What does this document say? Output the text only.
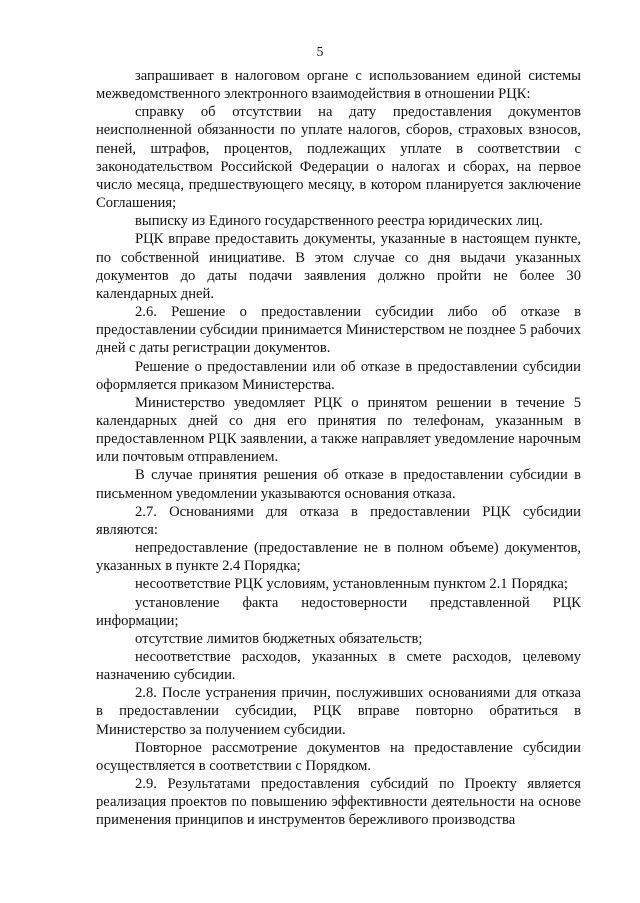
5

запрашивает в налоговом органе с использованием единой системы межведомственного электронного взаимодействия в отношении РЦК:

справку об отсутствии на дату предоставления документов неисполненной обязанности по уплате налогов, сборов, страховых взносов, пеней, штрафов, процентов, подлежащих уплате в соответствии с законодательством Российской Федерации о налогах и сборах, на первое число месяца, предшествующего месяцу, в котором планируется заключение Соглашения;

выписку из Единого государственного реестра юридических лиц.

РЦК вправе предоставить документы, указанные в настоящем пункте, по собственной инициативе. В этом случае со дня выдачи указанных документов до даты подачи заявления должно пройти не более 30 календарных дней.

2.6. Решение о предоставлении субсидии либо об отказе в предоставлении субсидии принимается Министерством не позднее 5 рабочих дней с даты регистрации документов.

Решение о предоставлении или об отказе в предоставлении субсидии оформляется приказом Министерства.

Министерство уведомляет РЦК о принятом решении в течение 5 календарных дней со дня его принятия по телефонам, указанным в предоставленном РЦК заявлении, а также направляет уведомление нарочным или почтовым отправлением.

В случае принятия решения об отказе в предоставлении субсидии в письменном уведомлении указываются основания отказа.

2.7. Основаниями для отказа в предоставлении РЦК субсидии являются:

непредоставление (предоставление не в полном объеме) документов, указанных в пункте 2.4 Порядка;

несоответствие РЦК условиям, установленным пунктом 2.1 Порядка;

установление факта недостоверности представленной РЦК информации;

отсутствие лимитов бюджетных обязательств;

несоответствие расходов, указанных в смете расходов, целевому назначению субсидии.

2.8. После устранения причин, послуживших основаниями для отказа в предоставлении субсидии, РЦК вправе повторно обратиться в Министерство за получением субсидии.

Повторное рассмотрение документов на предоставление субсидии осуществляется в соответствии с Порядком.

2.9. Результатами предоставления субсидий по Проекту является реализация проектов по повышению эффективности деятельности на основе применения принципов и инструментов бережливого производства
